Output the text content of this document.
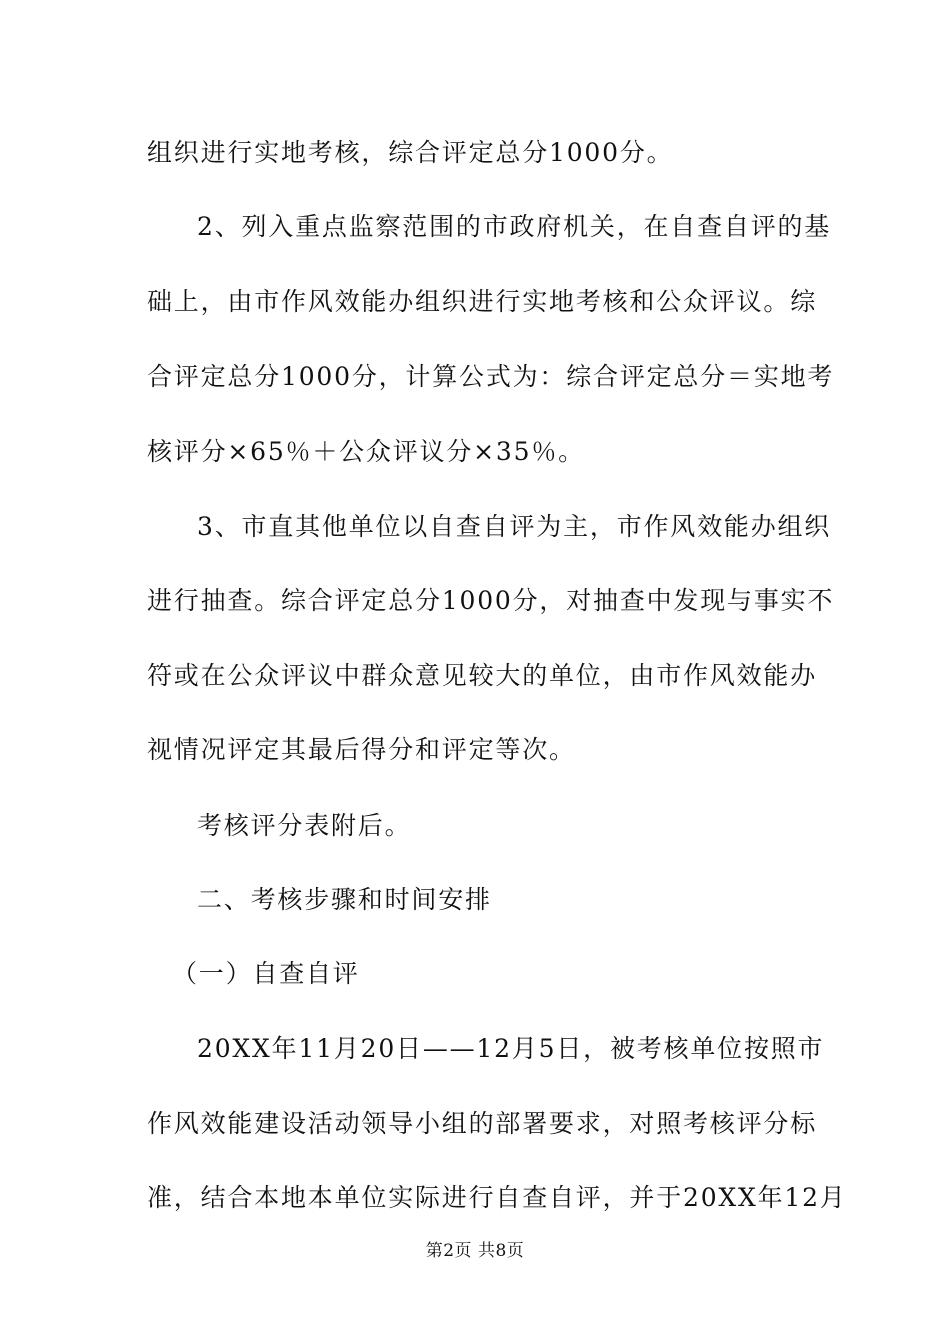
组织进行实地考核，综合评定总分1000分。
2、列入重点监察范围的市政府机关，在自查自评的基
础上，由市作风效能办组织进行实地考核和公众评议。综
合评定总分1000分，计算公式为：综合评定总分＝实地考
核评分×65％＋公众评议分×35％。
3、市直其他单位以自查自评为主，市作风效能办组织
进行抽查。综合评定总分1000分，对抽查中发现与事实不
符或在公众评议中群众意见较大的单位，由市作风效能办
视情况评定其最后得分和评定等次。
考核评分表附后。
二、考核步骤和时间安排
（一）自查自评
20XX年11月20日——12月5日，被考核单位按照市
作风效能建设活动领导小组的部署要求，对照考核评分标
准，结合本地本单位实际进行自查自评，并于20XX年12月
第2页 共8页
